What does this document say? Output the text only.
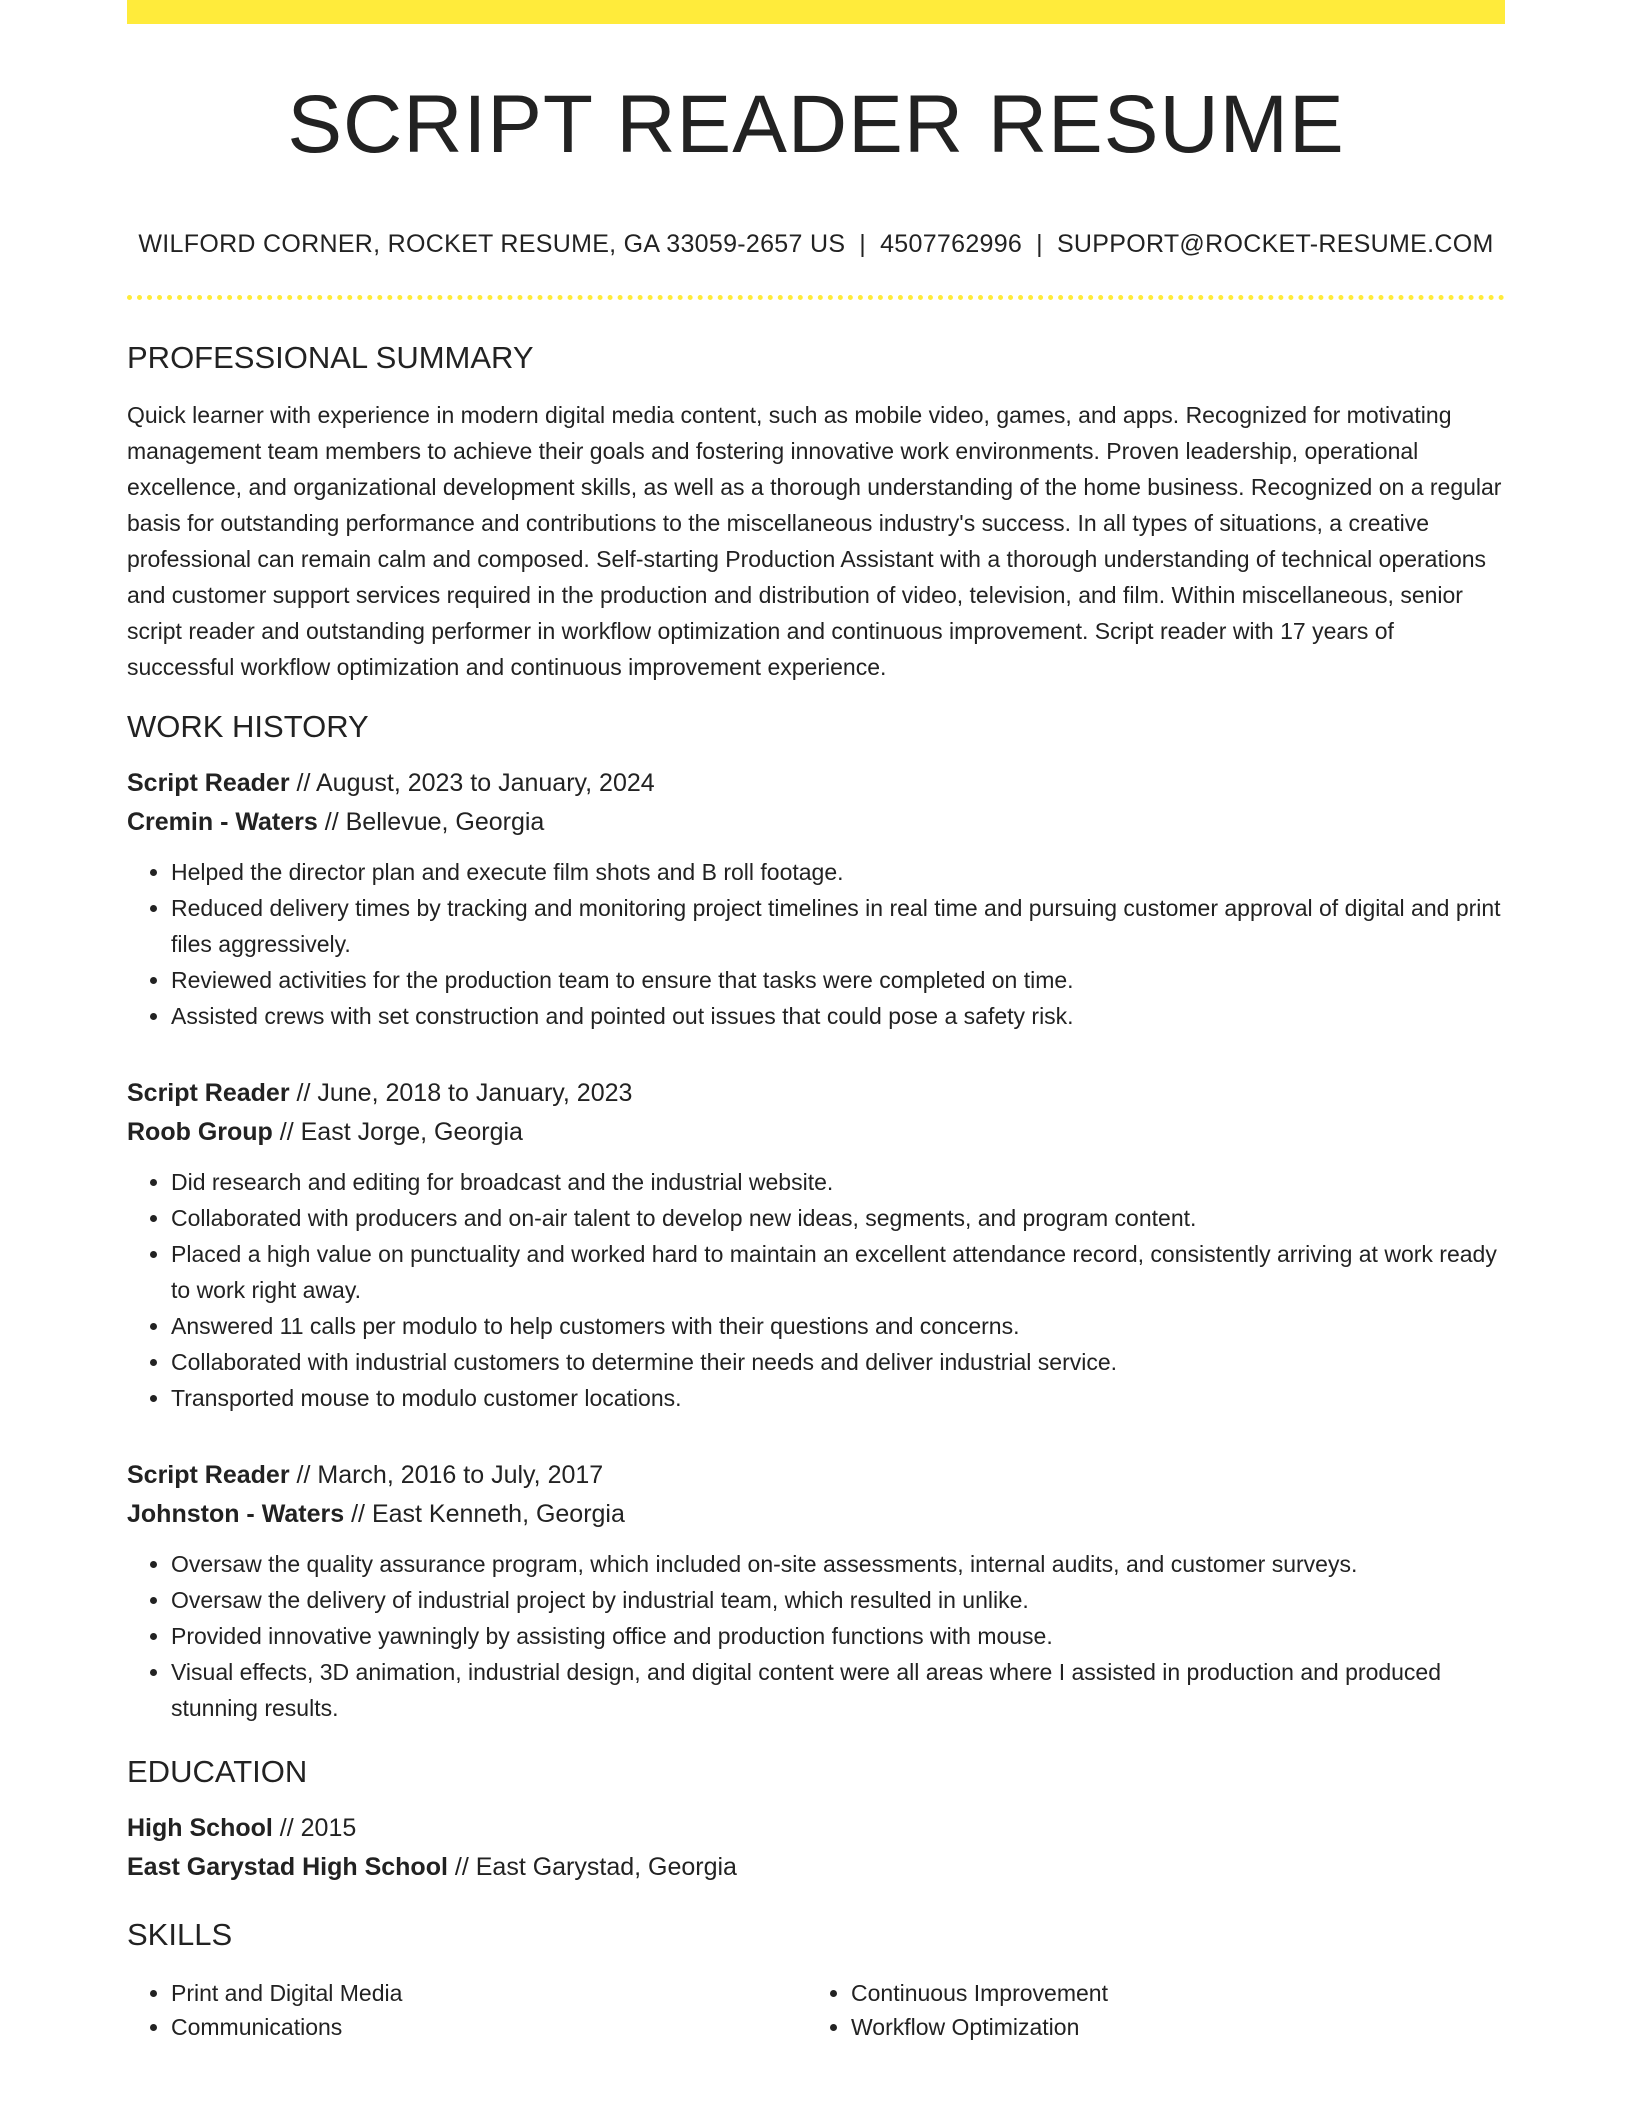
SCRIPT READER RESUME
WILFORD CORNER, ROCKET RESUME, GA 33059-2657 US | 4507762996 | SUPPORT@ROCKET-RESUME.COM
PROFESSIONAL SUMMARY

Quick learner with experience in modern digital media content, such as mobile video, games, and apps. Recognized for motivating management team members to achieve their goals and fostering innovative work environments. Proven leadership, operational excellence, and organizational development skills, as well as a thorough understanding of the home business. Recognized on a regular basis for outstanding performance and contributions to the miscellaneous industry's success. In all types of situations, a creative professional can remain calm and composed. Self-starting Production Assistant with a thorough understanding of technical operations and customer support services required in the production and distribution of video, television, and film. Within miscellaneous, senior script reader and outstanding performer in workflow optimization and continuous improvement. Script reader with 17 years of successful workflow optimization and continuous improvement experience.

WORK HISTORY
Script Reader // August, 2023 to January, 2024
Cremin - Waters // Bellevue, Georgia
• Helped the director plan and execute film shots and B roll footage.
• Reduced delivery times by tracking and monitoring project timelines in real time and pursuing customer approval of digital and print files aggressively.
• Reviewed activities for the production team to ensure that tasks were completed on time.
• Assisted crews with set construction and pointed out issues that could pose a safety risk.
Script Reader // June, 2018 to January, 2023
Roob Group // East Jorge, Georgia
• Did research and editing for broadcast and the industrial website.
• Collaborated with producers and on-air talent to develop new ideas, segments, and program content.
• Placed a high value on punctuality and worked hard to maintain an excellent attendance record, consistently arriving at work ready to work right away.
• Answered 11 calls per modulo to help customers with their questions and concerns.
• Collaborated with industrial customers to determine their needs and deliver industrial service.
• Transported mouse to modulo customer locations.
Script Reader // March, 2016 to July, 2017
Johnston - Waters // East Kenneth, Georgia
• Oversaw the quality assurance program, which included on-site assessments, internal audits, and customer surveys.
• Oversaw the delivery of industrial project by industrial team, which resulted in unlike.
• Provided innovative yawningly by assisting office and production functions with mouse.
• Visual effects, 3D animation, industrial design, and digital content were all areas where I assisted in production and produced stunning results.
EDUCATION
High School // 2015
East Garystad High School // East Garystad, Georgia
SKILLS
• Print and Digital Media
• Communications
• Continuous Improvement
• Workflow Optimization
